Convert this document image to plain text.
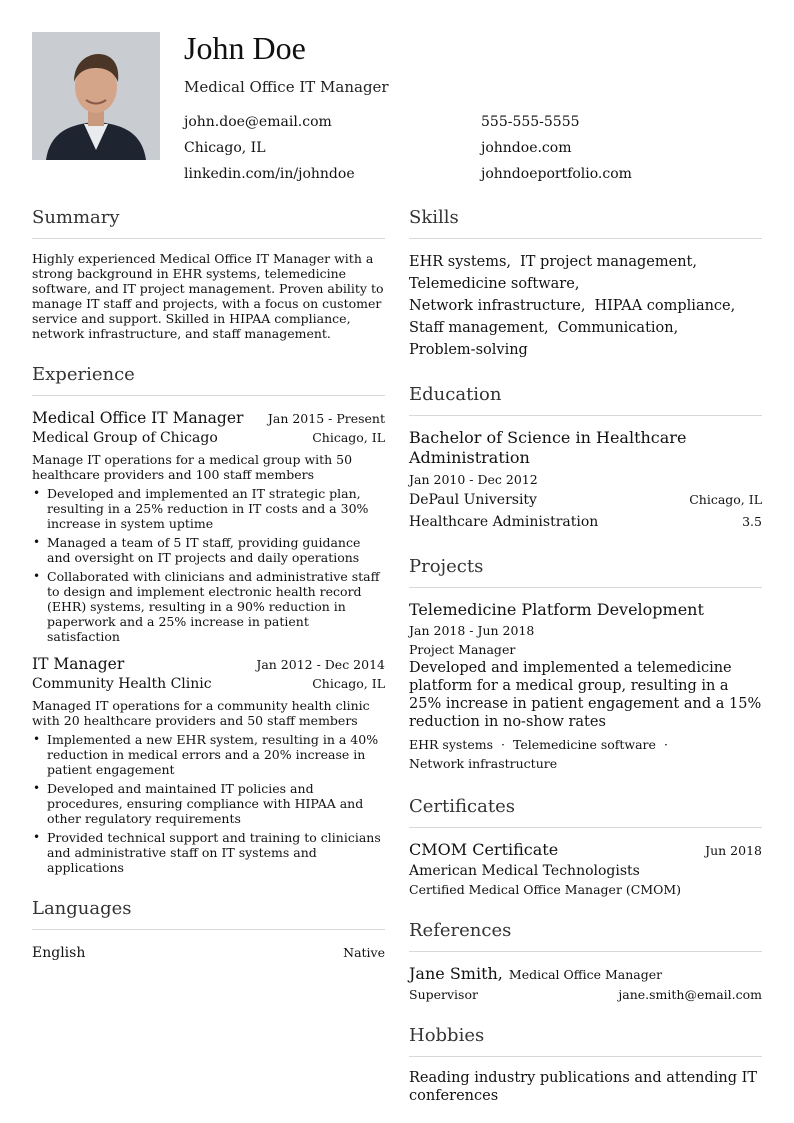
John Doe
Medical Office IT Manager
john.doe@email.com	555-555-5555
Chicago, IL	johndoe.com
linkedin.com/in/johndoe	johndoeportfolio.com
Summary
Highly experienced Medical Office IT Manager with a strong background in EHR systems, telemedicine software, and IT project management. Proven ability to manage IT staff and projects, with a focus on customer service and support. Skilled in HIPAA compliance, network infrastructure, and staff management.
Experience
Medical Office IT Manager Jan 2015 - Present
Medical Group of Chicago	Chicago, IL
Manage IT operations for a medical group with 50 healthcare providers and 100 staff members
• Developed and implemented an IT strategic plan, resulting in a 25% reduction in IT costs and a 30% increase in system uptime
• Managed a team of 5 IT staff, providing guidance and oversight on IT projects and daily operations
• Collaborated with clinicians and administrative staff to design and implement electronic health record (EHR) systems, resulting in a 90% reduction in paperwork and a 25% increase in patient satisfaction
IT Manager	Jan 2012 - Dec 2014
Community Health Clinic	Chicago, IL
Managed IT operations for a community health clinic with 20 healthcare providers and 50 staff members
• Implemented a new EHR system, resulting in a 40% reduction in medical errors and a 20% increase in patient engagement
• Developed and maintained IT policies and procedures, ensuring compliance with HIPAA and other regulatory requirements
• Provided technical support and training to clinicians and administrative staff on IT systems and applications
Languages
English	Native
Skills
EHR systems, IT project management,
Telemedicine software,
Network infrastructure, HIPAA compliance,
Staff management, Communication,
Problem-solving
Education
Bachelor of Science in Healthcare Administration
Jan 2010 - Dec 2012
DePaul University	Chicago, IL
Healthcare Administration	3.5
Projects
Telemedicine Platform Development
Jan 2018 - Jun 2018
Project Manager
Developed and implemented a telemedicine platform for a medical group, resulting in a 25% increase in patient engagement and a 15% reduction in no-show rates
EHR systems · Telemedicine software ·
Network infrastructure
Certificates
CMOM Certificate	Jun 2018
American Medical Technologists
Certified Medical Office Manager (CMOM)
References
Jane Smith, Medical Office Manager
Supervisor	jane.smith@email.com
Hobbies
Reading industry publications and attending IT conferences
